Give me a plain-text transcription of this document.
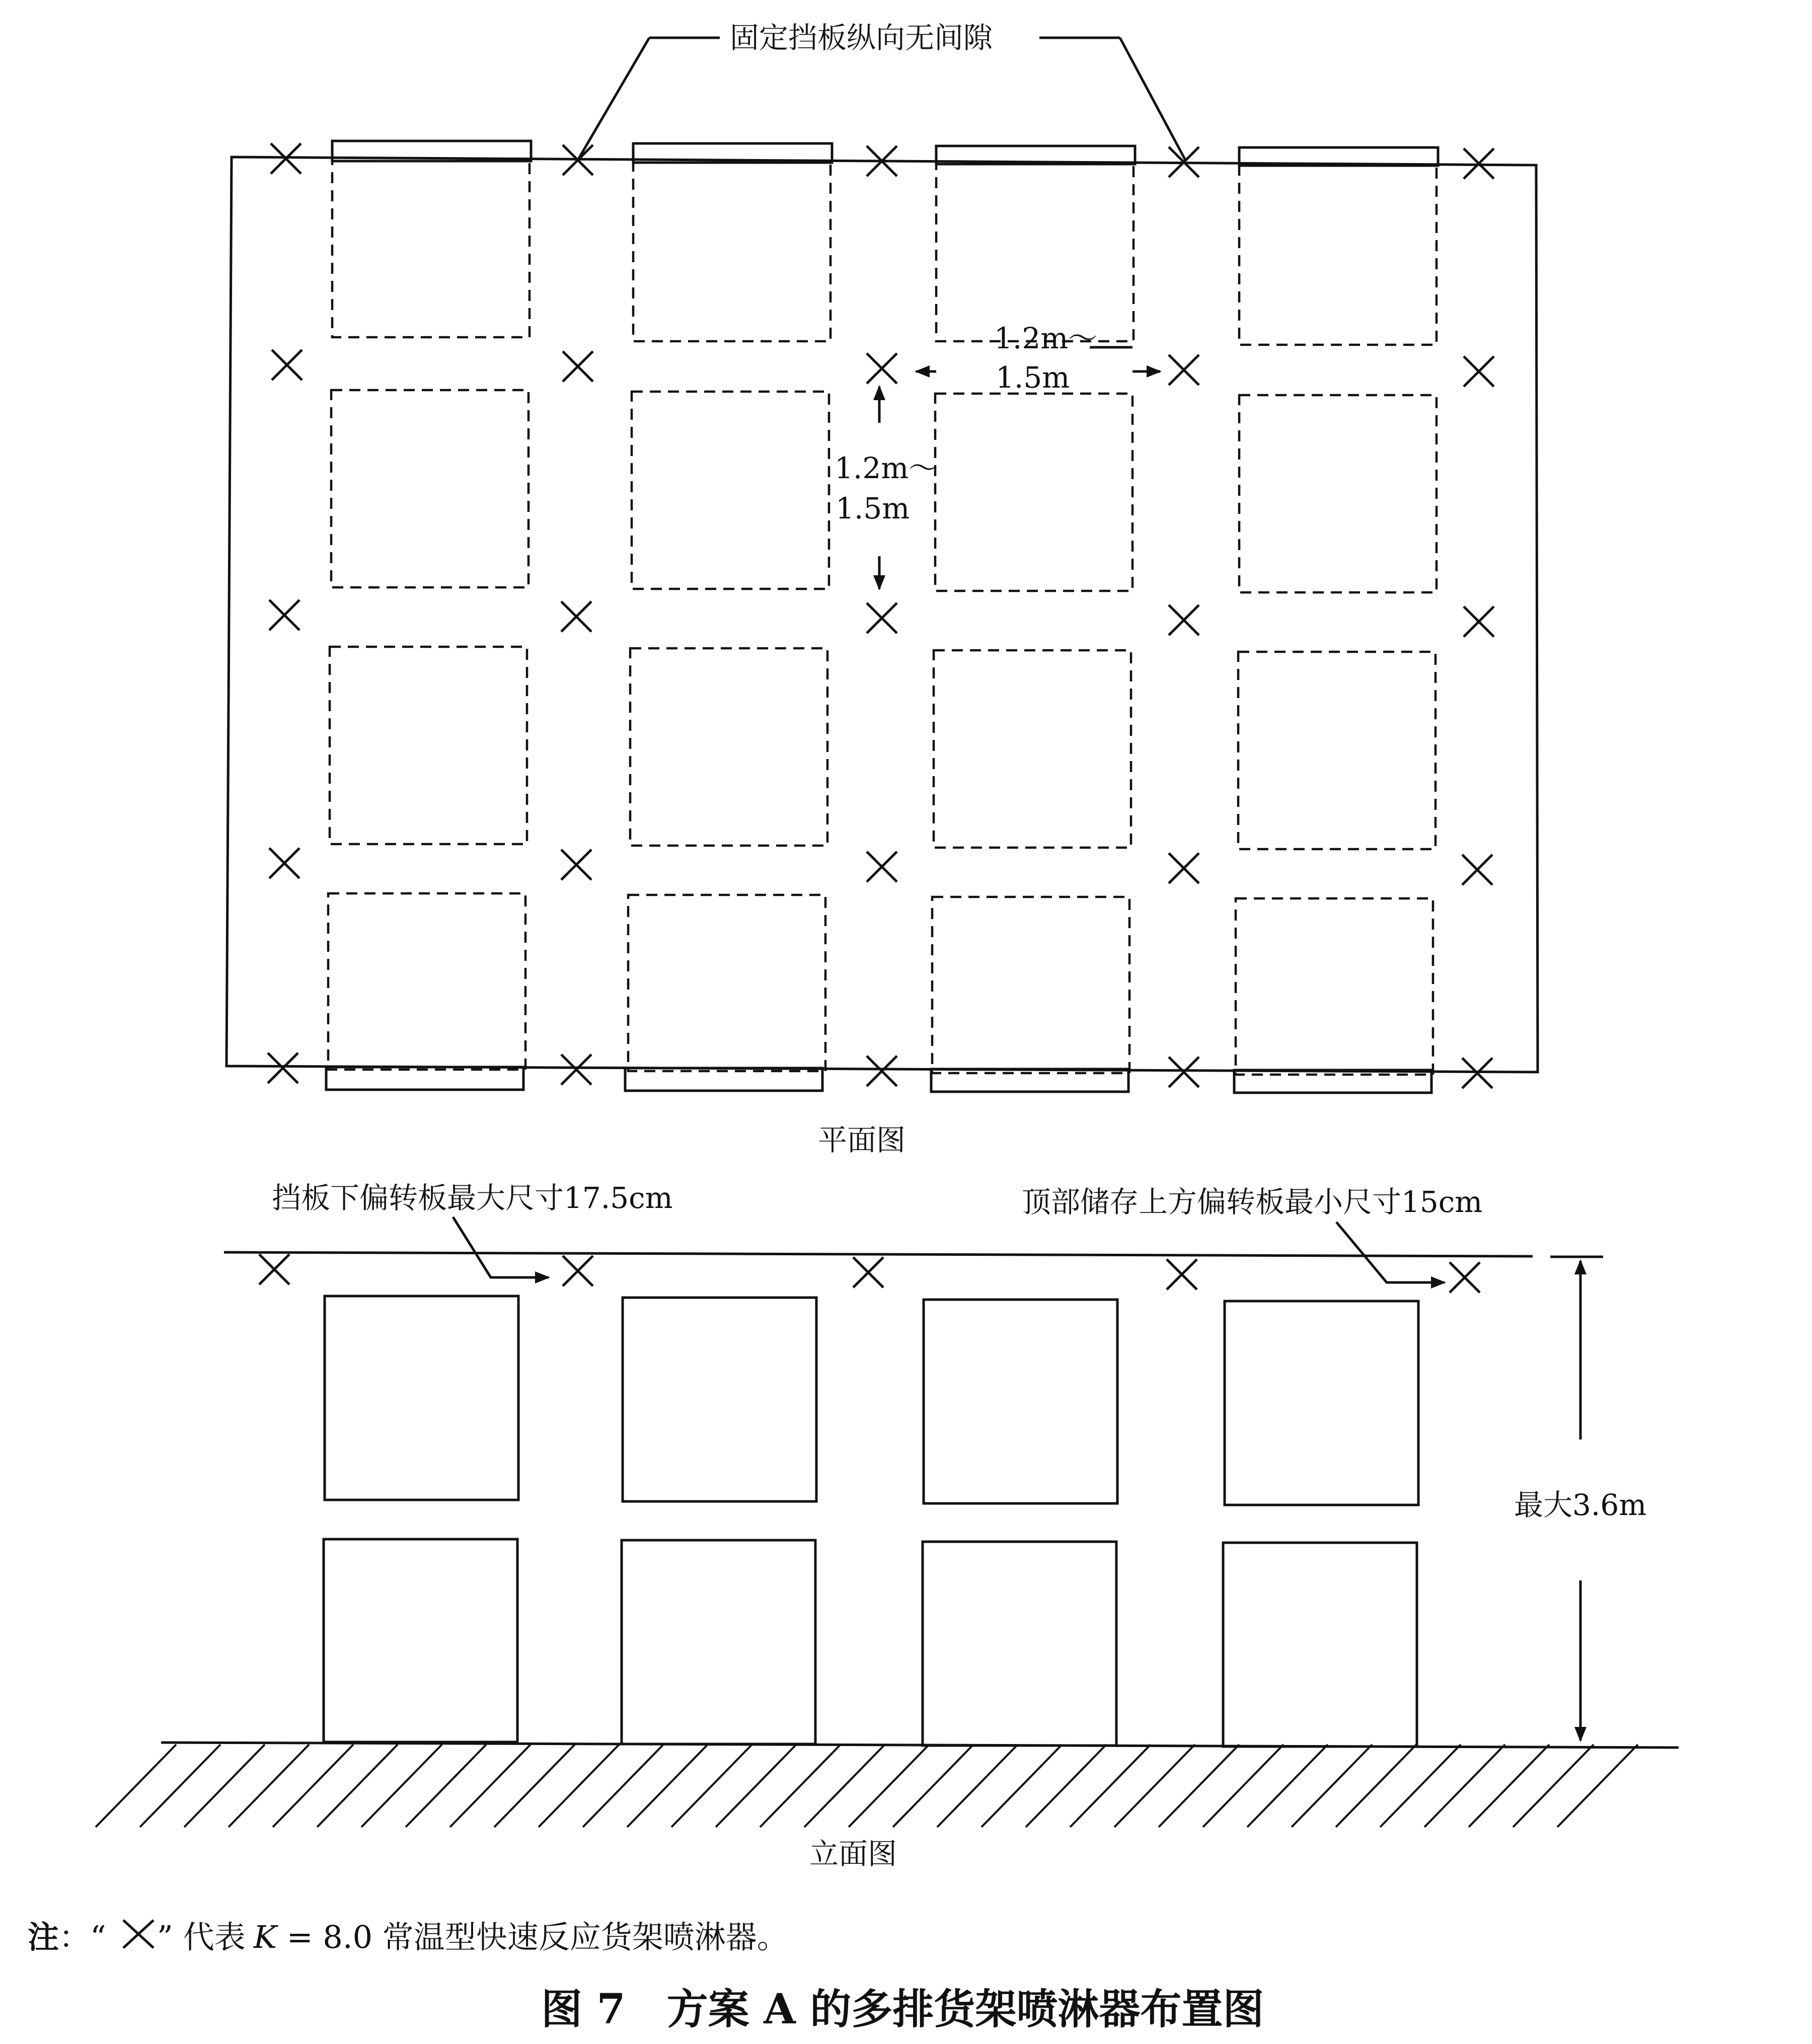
固定挡板纵向无间隙
1.2m～
1.5m
1.2m～
1.5m
平面图
最大3.6m
挡板下偏转板最大尺寸17.5cm	顶部储存上方偏转板最小尺寸15cm
立面图
注：“ ” 代表 K = 8.0 常温型快速反应货架喷淋器。
图 7　方案 A 的多排货架喷淋器布置图
